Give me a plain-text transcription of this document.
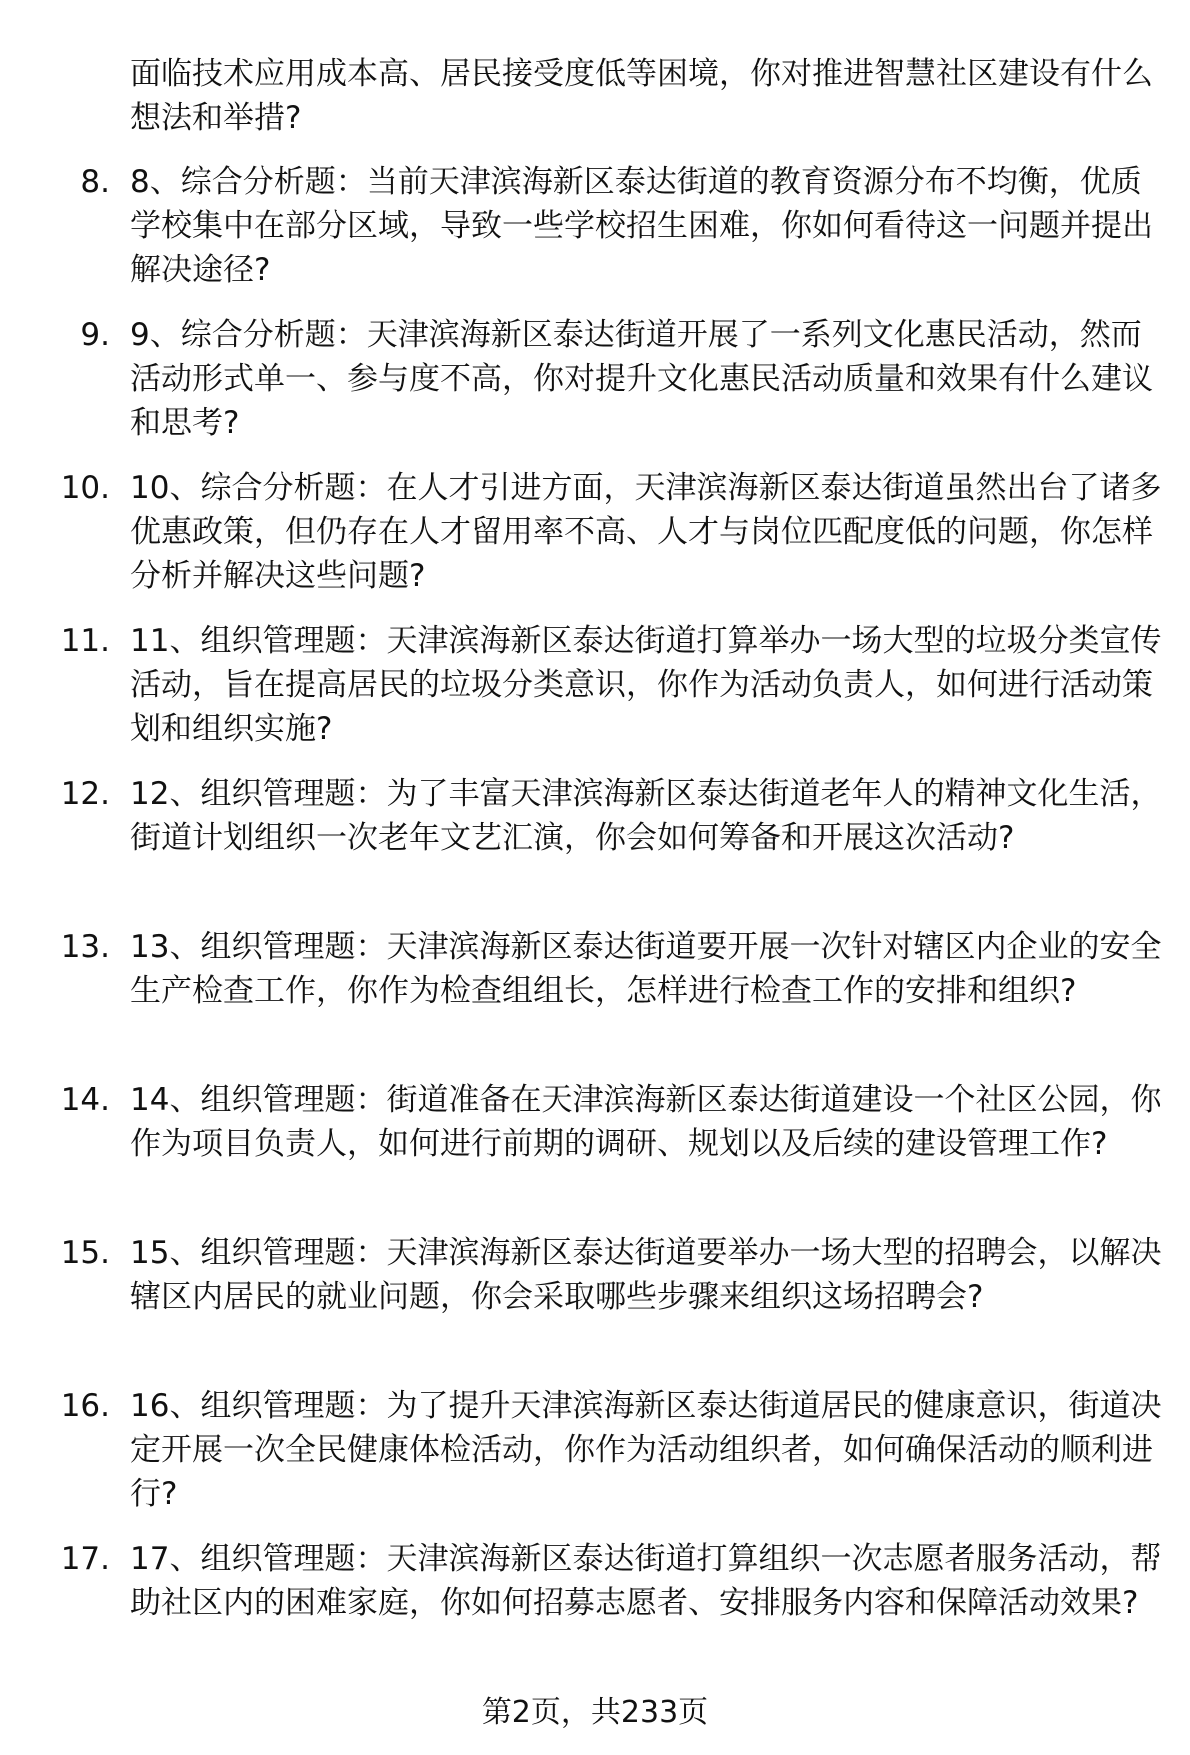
面临技术应用成本高、居民接受度低等困境，你对推进智慧社区建设有什么想法和举措?
8. 8、综合分析题：当前天津滨海新区泰达街道的教育资源分布不均衡，优质学校集中在部分区域，导致一些学校招生困难，你如何看待这一问题并提出解决途径?
9. 9、综合分析题：天津滨海新区泰达街道开展了一系列文化惠民活动，然而活动形式单一、参与度不高，你对提升文化惠民活动质量和效果有什么建议和思考?
10. 10、综合分析题：在人才引进方面，天津滨海新区泰达街道虽然出台了诸多优惠政策，但仍存在人才留用率不高、人才与岗位匹配度低的问题，你怎样分析并解决这些问题?
11. 11、组织管理题：天津滨海新区泰达街道打算举办一场大型的垃圾分类宣传活动，旨在提高居民的垃圾分类意识，你作为活动负责人，如何进行活动策划和组织实施?
12. 12、组织管理题：为了丰富天津滨海新区泰达街道老年人的精神文化生活，街道计划组织一次老年文艺汇演，你会如何筹备和开展这次活动?
13. 13、组织管理题：天津滨海新区泰达街道要开展一次针对辖区内企业的安全生产检查工作，你作为检查组组长，怎样进行检查工作的安排和组织?
14. 14、组织管理题：街道准备在天津滨海新区泰达街道建设一个社区公园，你作为项目负责人，如何进行前期的调研、规划以及后续的建设管理工作?
15. 15、组织管理题：天津滨海新区泰达街道要举办一场大型的招聘会，以解决辖区内居民的就业问题，你会采取哪些步骤来组织这场招聘会?
16. 16、组织管理题：为了提升天津滨海新区泰达街道居民的健康意识，街道决定开展一次全民健康体检活动，你作为活动组织者，如何确保活动的顺利进行?
17. 17、组织管理题：天津滨海新区泰达街道打算组织一次志愿者服务活动，帮助社区内的困难家庭，你如何招募志愿者、安排服务内容和保障活动效果?
第2页，共233页
